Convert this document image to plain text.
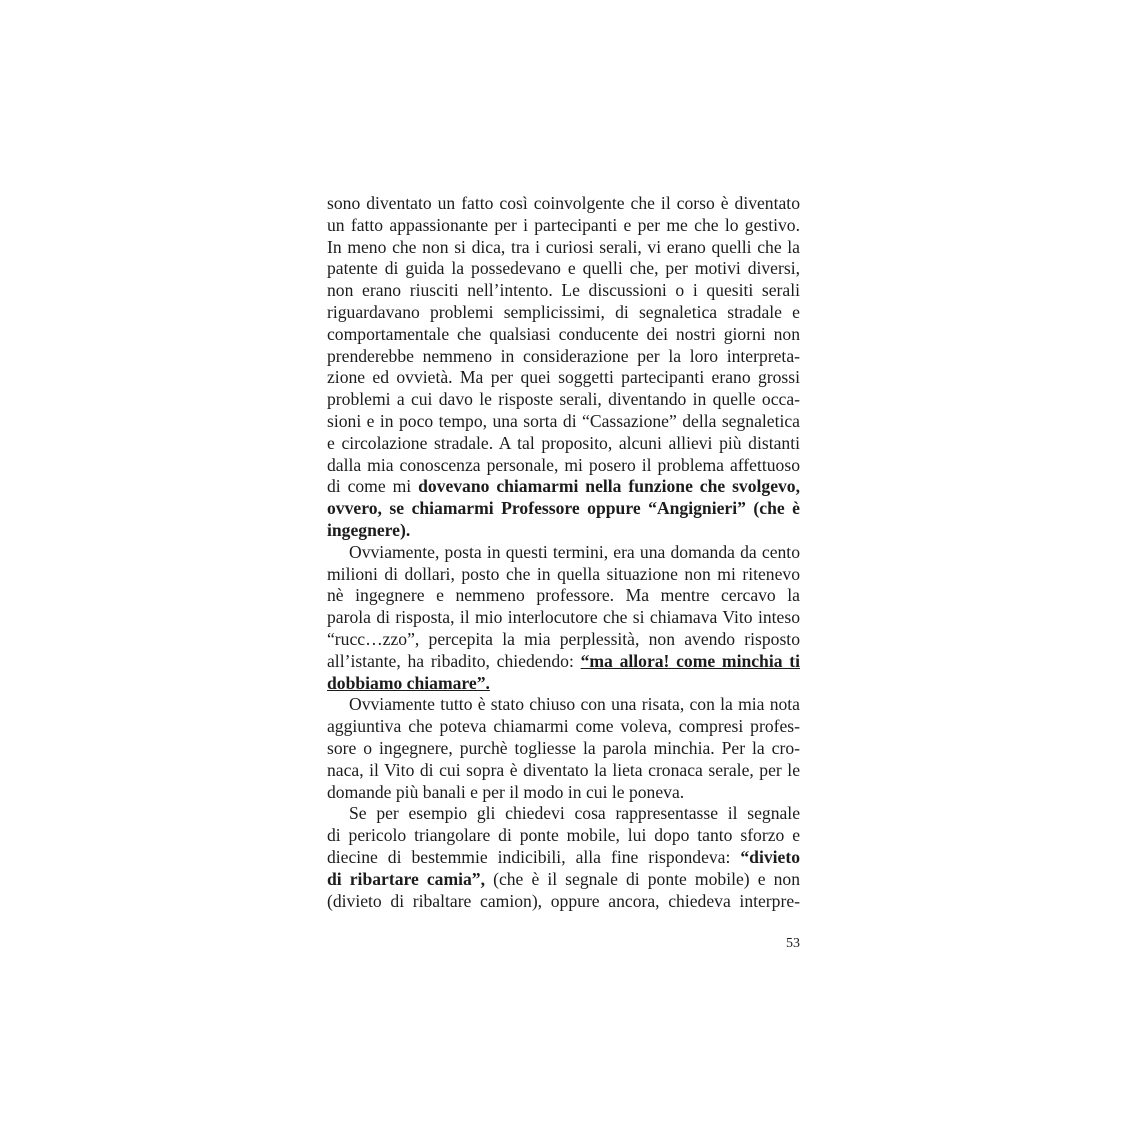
sono diventato un fatto così coinvolgente che il corso è diventato
un fatto appassionante per i partecipanti e per me che lo gestivo.
In meno che non si dica, tra i curiosi serali, vi erano quelli che la
patente di guida la possedevano e quelli che, per motivi diversi,
non erano riusciti nell’intento. Le discussioni o i quesiti serali
riguardavano problemi semplicissimi, di segnaletica stradale e
comportamentale che qualsiasi conducente dei nostri giorni non
prenderebbe nemmeno in considerazione per la loro interpreta-
zione ed ovvietà. Ma per quei soggetti partecipanti erano grossi
problemi a cui davo le risposte serali, diventando in quelle occa-
sioni e in poco tempo, una sorta di “Cassazione” della segnaletica
e circolazione stradale. A tal proposito, alcuni allievi più distanti
dalla mia conoscenza personale, mi posero il problema affettuoso
di come mi dovevano chiamarmi nella funzione che svolgevo,
ovvero, se chiamarmi Professore oppure “Angignieri” (che è
ingegnere).
Ovviamente, posta in questi termini, era una domanda da cento
milioni di dollari, posto che in quella situazione non mi ritenevo
nè ingegnere e nemmeno professore. Ma mentre cercavo la
parola di risposta, il mio interlocutore che si chiamava Vito inteso
“rucc…zzo”, percepita la mia perplessità, non avendo risposto
all’istante, ha ribadito, chiedendo: “ma allora! come minchia ti
dobbiamo chiamare”.
Ovviamente tutto è stato chiuso con una risata, con la mia nota
aggiuntiva che poteva chiamarmi come voleva, compresi profes-
sore o ingegnere, purchè togliesse la parola minchia. Per la cro-
naca, il Vito di cui sopra è diventato la lieta cronaca serale, per le
domande più banali e per il modo in cui le poneva.
Se per esempio gli chiedevi cosa rappresentasse il segnale
di pericolo triangolare di ponte mobile, lui dopo tanto sforzo e
diecine di bestemmie indicibili, alla fine rispondeva: “divieto
di ribartare camia”, (che è il segnale di ponte mobile) e non
(divieto di ribaltare camion), oppure ancora, chiedeva interpre-
53
